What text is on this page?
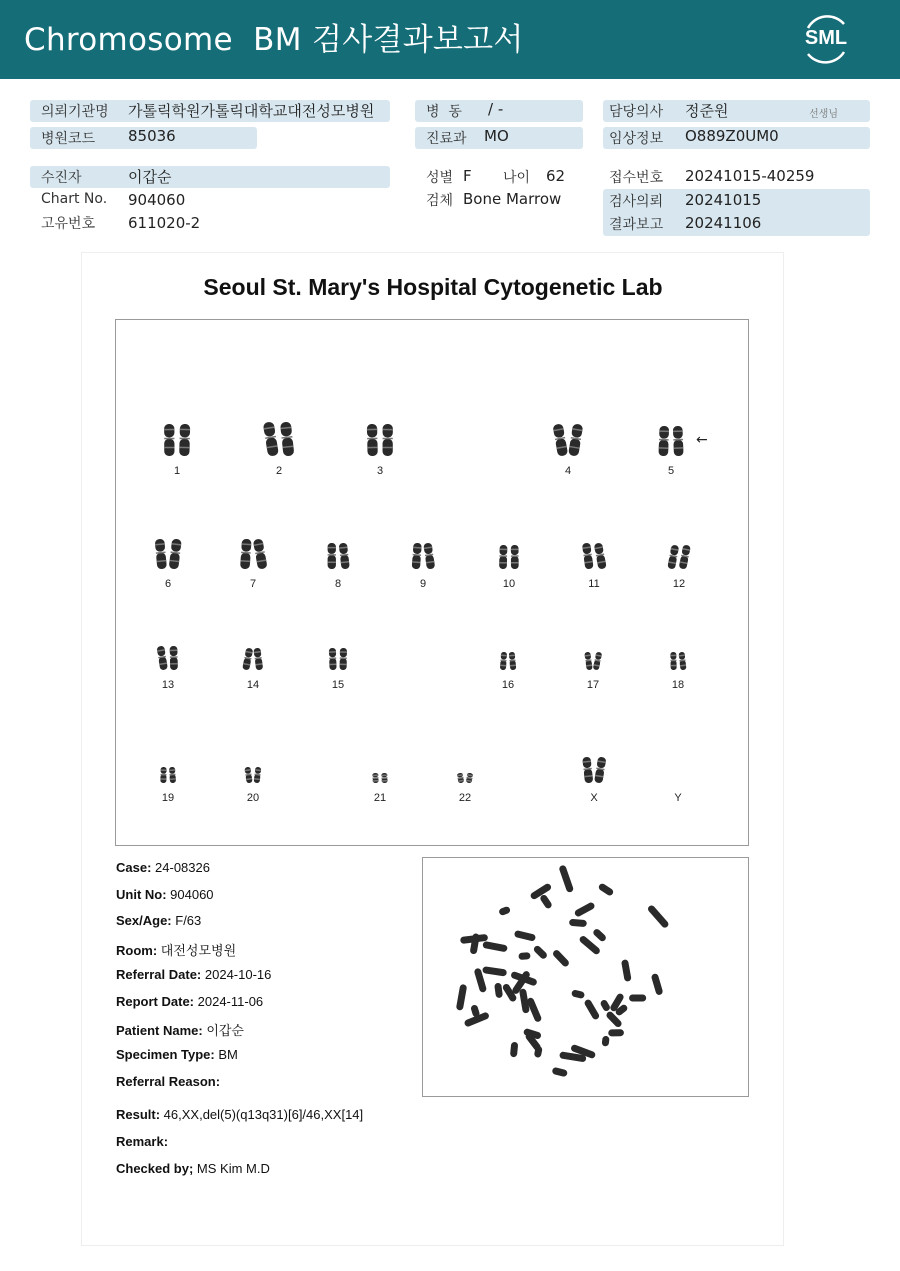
Chromosome  BM 검사결과보고서	SML
의뢰기관명 가톨릭학원가톨릭대학교대전성모병원
병원코드 85036
수진자	이갑순
Chart No. 904060
고유번호 611020-2
병  동 / -
진료과 MO
성별 F 나이 62
검체 Bone Marrow
담당의사 정준원	선생님
임상정보 O889Z0UM0
접수번호 20241015-40259
검사의뢰 20241015
결과보고 20241106
Seoul St. Mary's Hospital Cytogenetic Lab
←
1	2	3	4	5
6	7	8	9	10	11	12
13	14	15	16	17	18
19	20	21	22	X	Y
Case: 24-08326
Unit No: 904060
Sex/Age: F/63
Room: 대전성모병원
Referral Date: 2024-10-16
Report Date: 2024-11-06
Patient Name: 이갑순
Specimen Type: BM
Referral Reason:
Result: 46,XX,del(5)(q13q31)[6]/46,XX[14]
Remark:
Checked by; MS Kim M.D
